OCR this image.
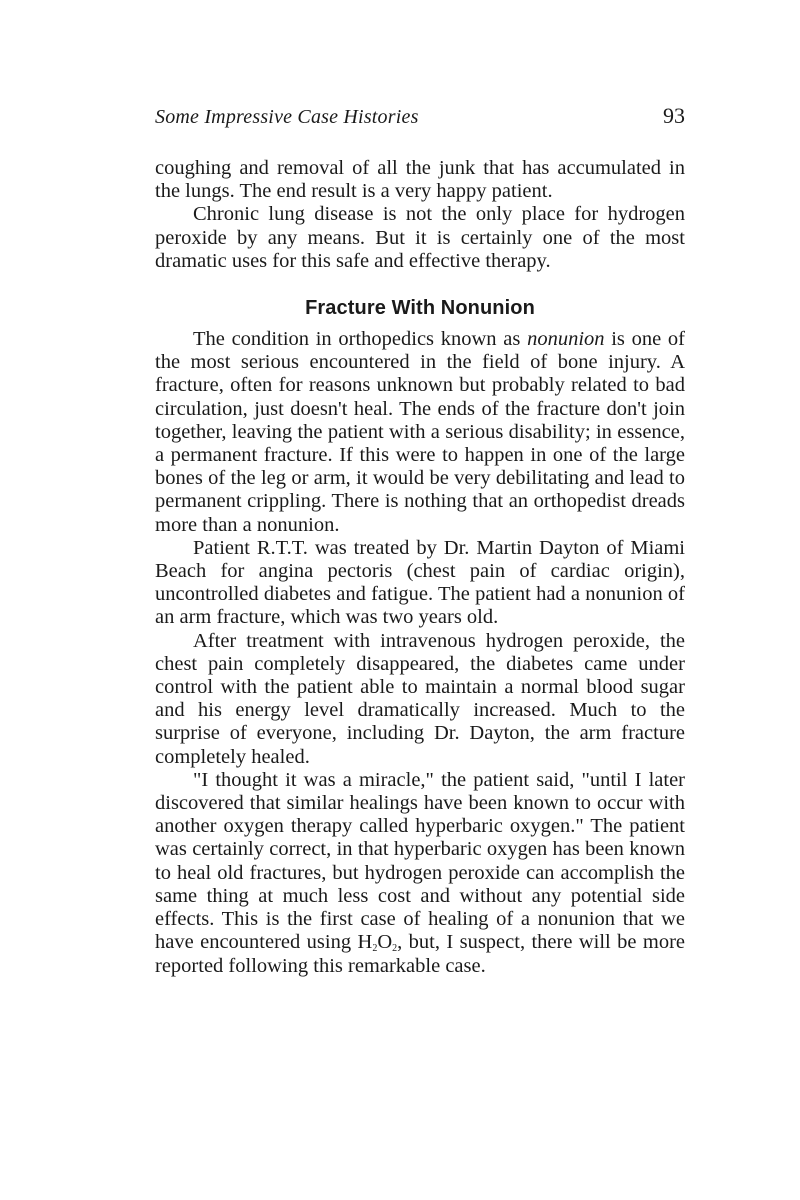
Some Impressive Case Histories	93

coughing and removal of all the junk that has accumulated in the lungs. The end result is a very happy patient.

Chronic lung disease is not the only place for hydrogen peroxide by any means. But it is certainly one of the most dramatic uses for this safe and effective therapy.

Fracture With Nonunion

The condition in orthopedics known as nonunion is one of the most serious encountered in the field of bone injury. A fracture, often for reasons unknown but probably related to bad circulation, just doesn't heal. The ends of the fracture don't join together, leaving the patient with a serious disability; in essence, a permanent fracture. If this were to happen in one of the large bones of the leg or arm, it would be very debilitating and lead to permanent crippling. There is nothing that an orthopedist dreads more than a nonunion.

Patient R.T.T. was treated by Dr. Martin Dayton of Miami Beach for angina pectoris (chest pain of cardiac origin), uncontrolled diabetes and fatigue. The patient had a nonunion of an arm fracture, which was two years old.

After treatment with intravenous hydrogen peroxide, the chest pain completely disappeared, the diabetes came under control with the patient able to maintain a normal blood sugar and his energy level dramatically increased. Much to the surprise of everyone, including Dr. Dayton, the arm fracture completely healed.

"I thought it was a miracle," the patient said, "until I later discovered that similar healings have been known to occur with another oxygen therapy called hyperbaric oxygen." The patient was certainly correct, in that hyperbaric oxygen has been known to heal old fractures, but hydrogen peroxide can accomplish the same thing at much less cost and without any potential side effects. This is the first case of healing of a nonunion that we have encountered using $H_2O_2$, but, I suspect, there will be more reported following this remarkable case.
